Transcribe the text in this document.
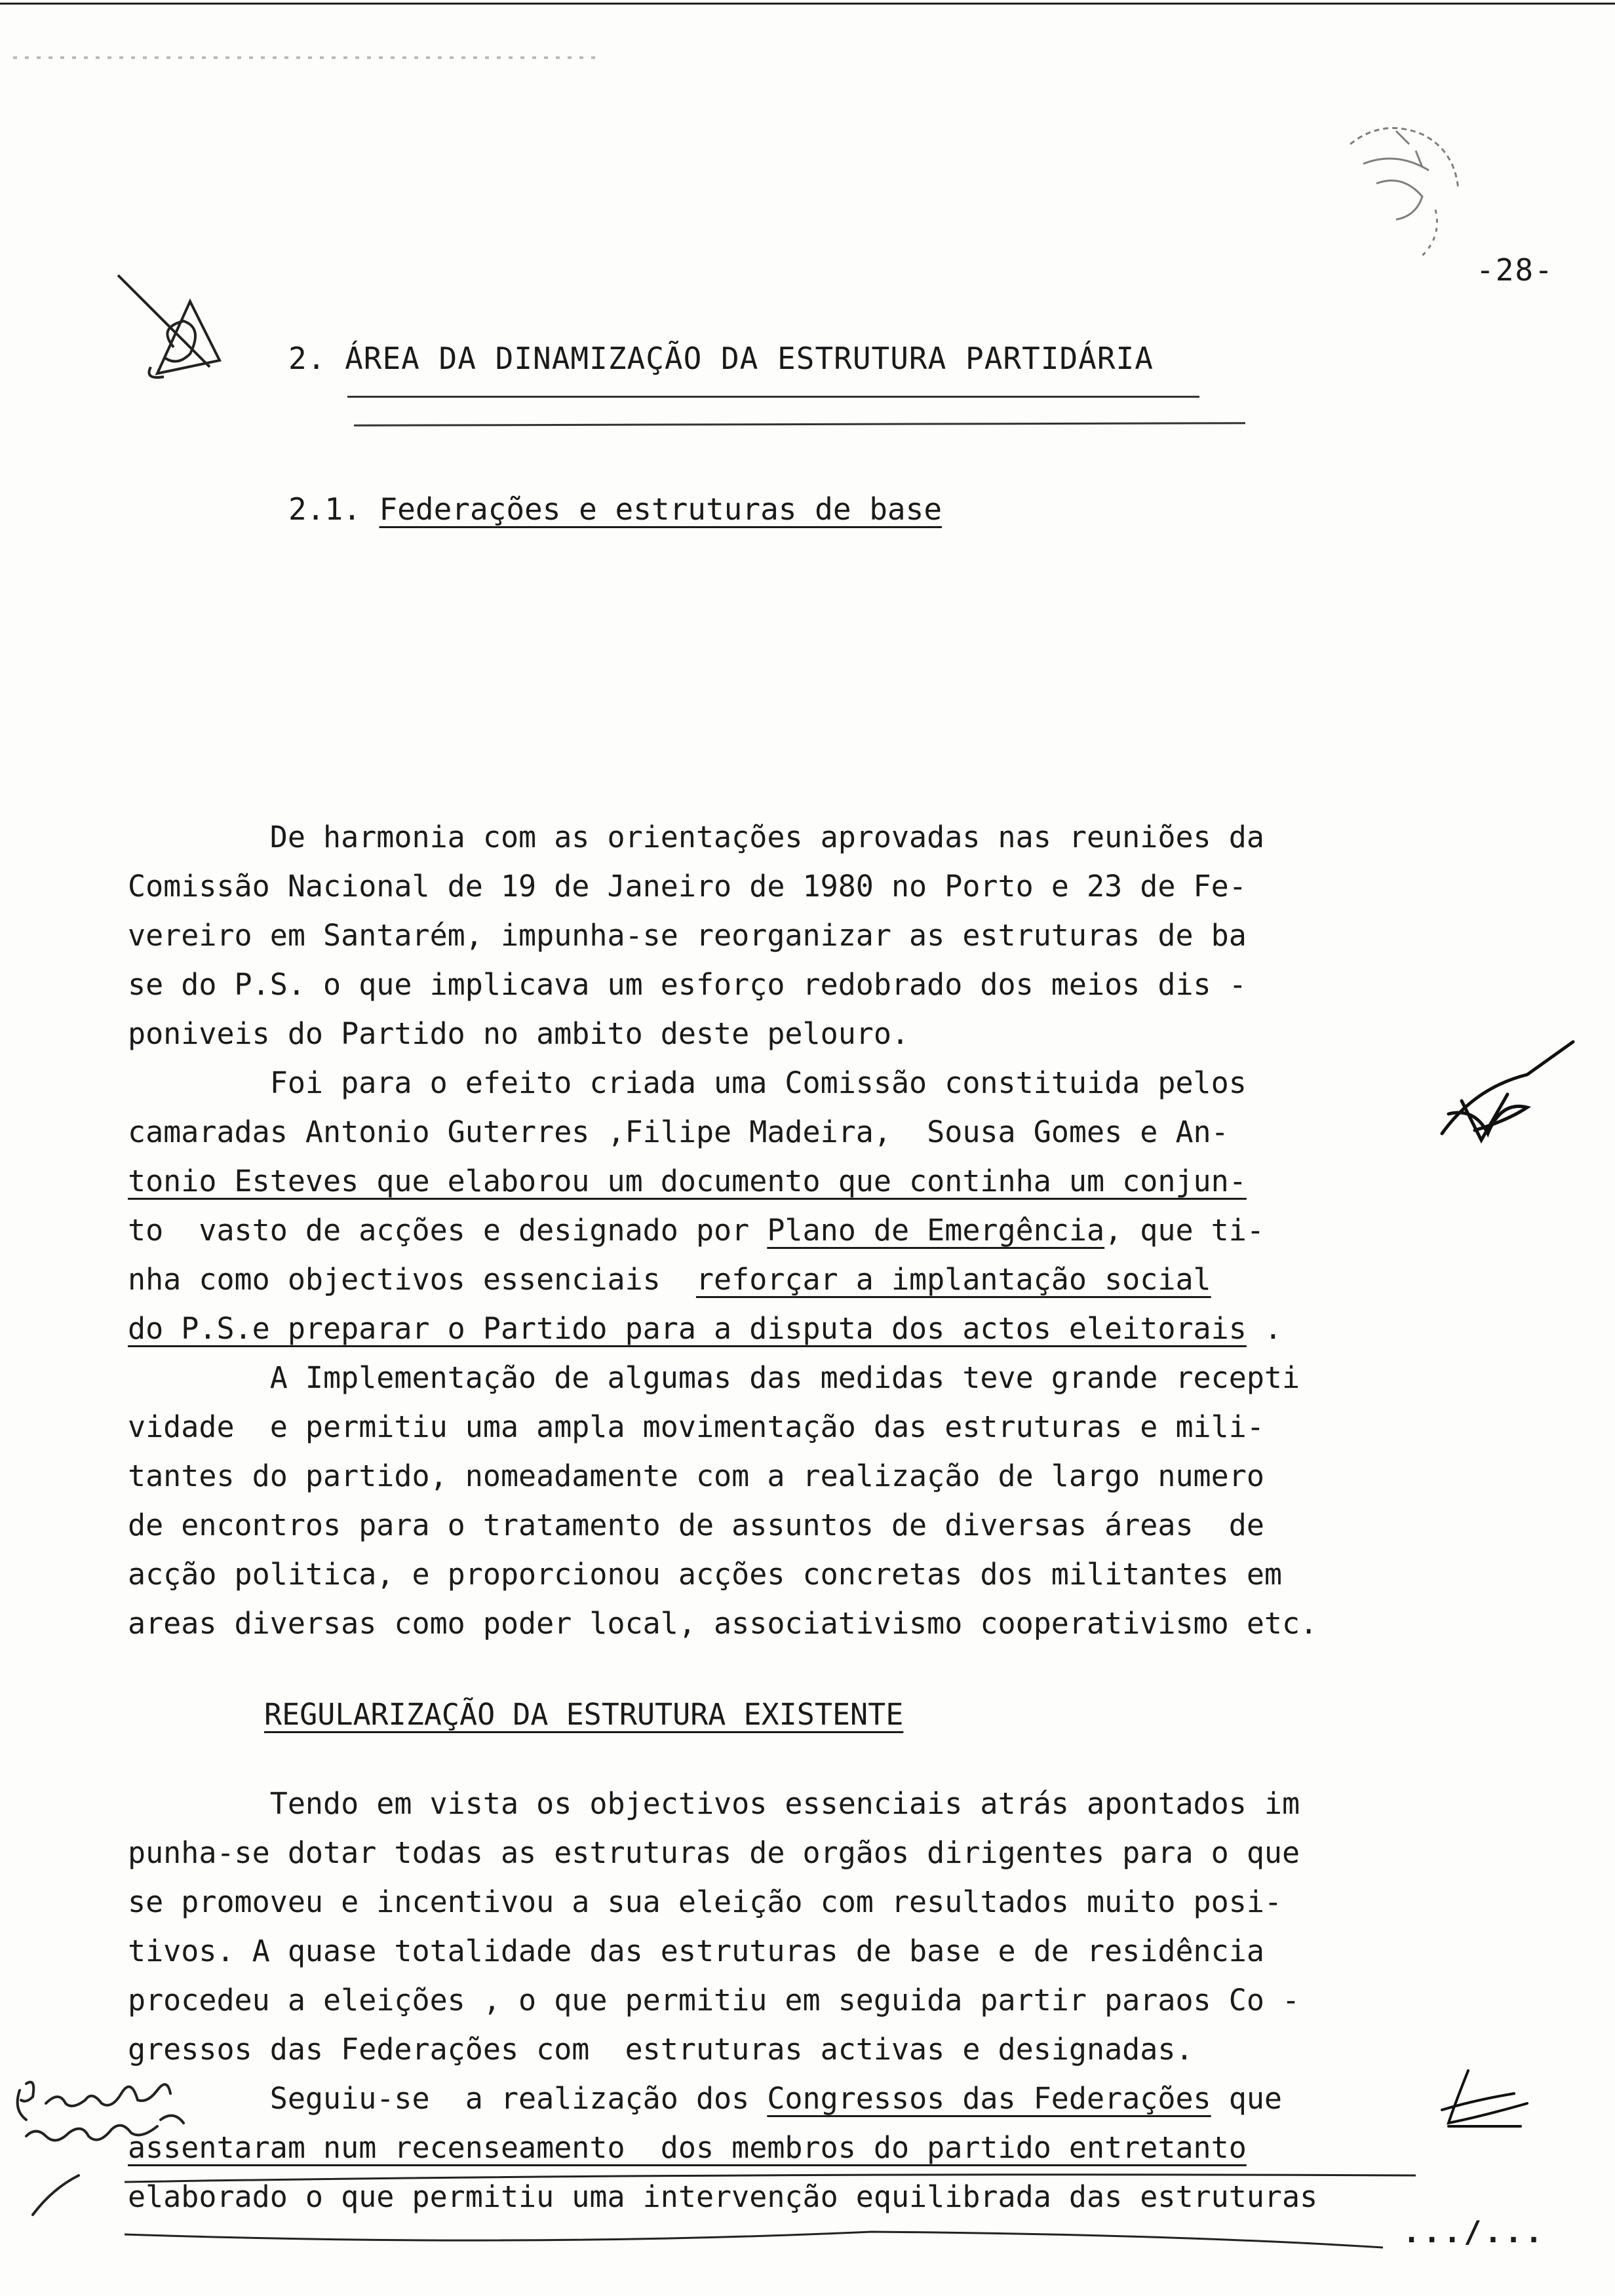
-28-
2. ÁREA DA DINAMIZAÇÃO DA ESTRUTURA PARTIDÁRIA
2.1. Federações e estruturas de base
De harmonia com as orientações aprovadas nas reuniões da
Comissão Nacional de 19 de Janeiro de 1980 no Porto e 23 de Fe-
vereiro em Santarém, impunha-se reorganizar as estruturas de ba
se do P.S. o que implicava um esforço redobrado dos meios dis -
poniveis do Partido no ambito deste pelouro.
Foi para o efeito criada uma Comissão constituida pelos
camaradas Antonio Guterres ,Filipe Madeira,  Sousa Gomes e An-
tonio Esteves que elaborou um documento que continha um conjun-
to  vasto de acções e designado por Plano de Emergência, que ti-
nha como objectivos essenciais  reforçar a implantação social
do P.S.e preparar o Partido para a disputa dos actos eleitorais .
A Implementação de algumas das medidas teve grande recepti
vidade  e permitiu uma ampla movimentação das estruturas e mili-
tantes do partido, nomeadamente com a realização de largo numero
de encontros para o tratamento de assuntos de diversas áreas  de
acção politica, e proporcionou acções concretas dos militantes em
areas diversas como poder local, associativismo cooperativismo etc.
REGULARIZAÇÃO DA ESTRUTURA EXISTENTE
Tendo em vista os objectivos essenciais atrás apontados im
punha-se dotar todas as estruturas de orgãos dirigentes para o que
se promoveu e incentivou a sua eleição com resultados muito posi-
tivos. A quase totalidade das estruturas de base e de residência
procedeu a eleições , o que permitiu em seguida partir paraos Co -
gressos das Federações com  estruturas activas e designadas.
Seguiu-se  a realização dos Congressos das Federações que
assentaram num recenseamento  dos membros do partido entretanto
elaborado o que permitiu uma intervenção equilibrada das estruturas
.../...
